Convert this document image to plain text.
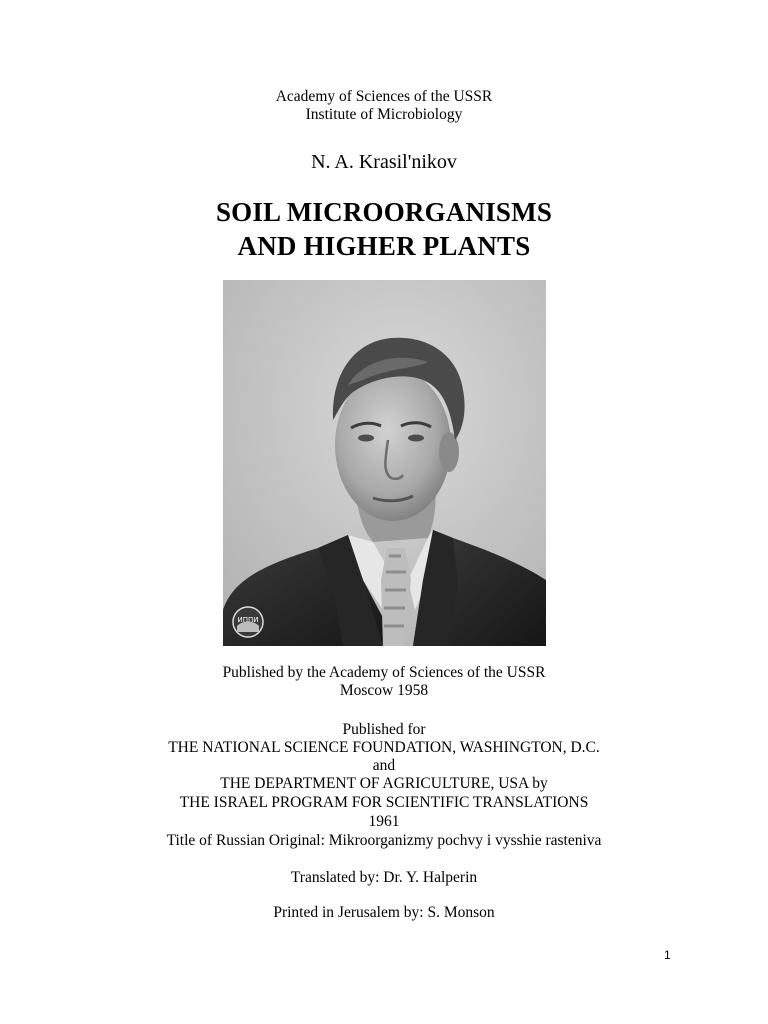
Academy of Sciences of the USSR
Institute of Microbiology
N. A. Krasil'nikov
SOIL MICROORGANISMS
AND HIGHER PLANTS
ИППИ
Published by the Academy of Sciences of the USSR
Moscow 1958
Published for
THE NATIONAL SCIENCE FOUNDATION, WASHINGTON, D.C.
and
THE DEPARTMENT OF AGRICULTURE, USA by
THE ISRAEL PROGRAM FOR SCIENTIFIC TRANSLATIONS
1961
Title of Russian Original: Mikroorganizmy pochvy i vysshie rasteniva
Translated by: Dr. Y. Halperin
Printed in Jerusalem by: S. Monson
1
